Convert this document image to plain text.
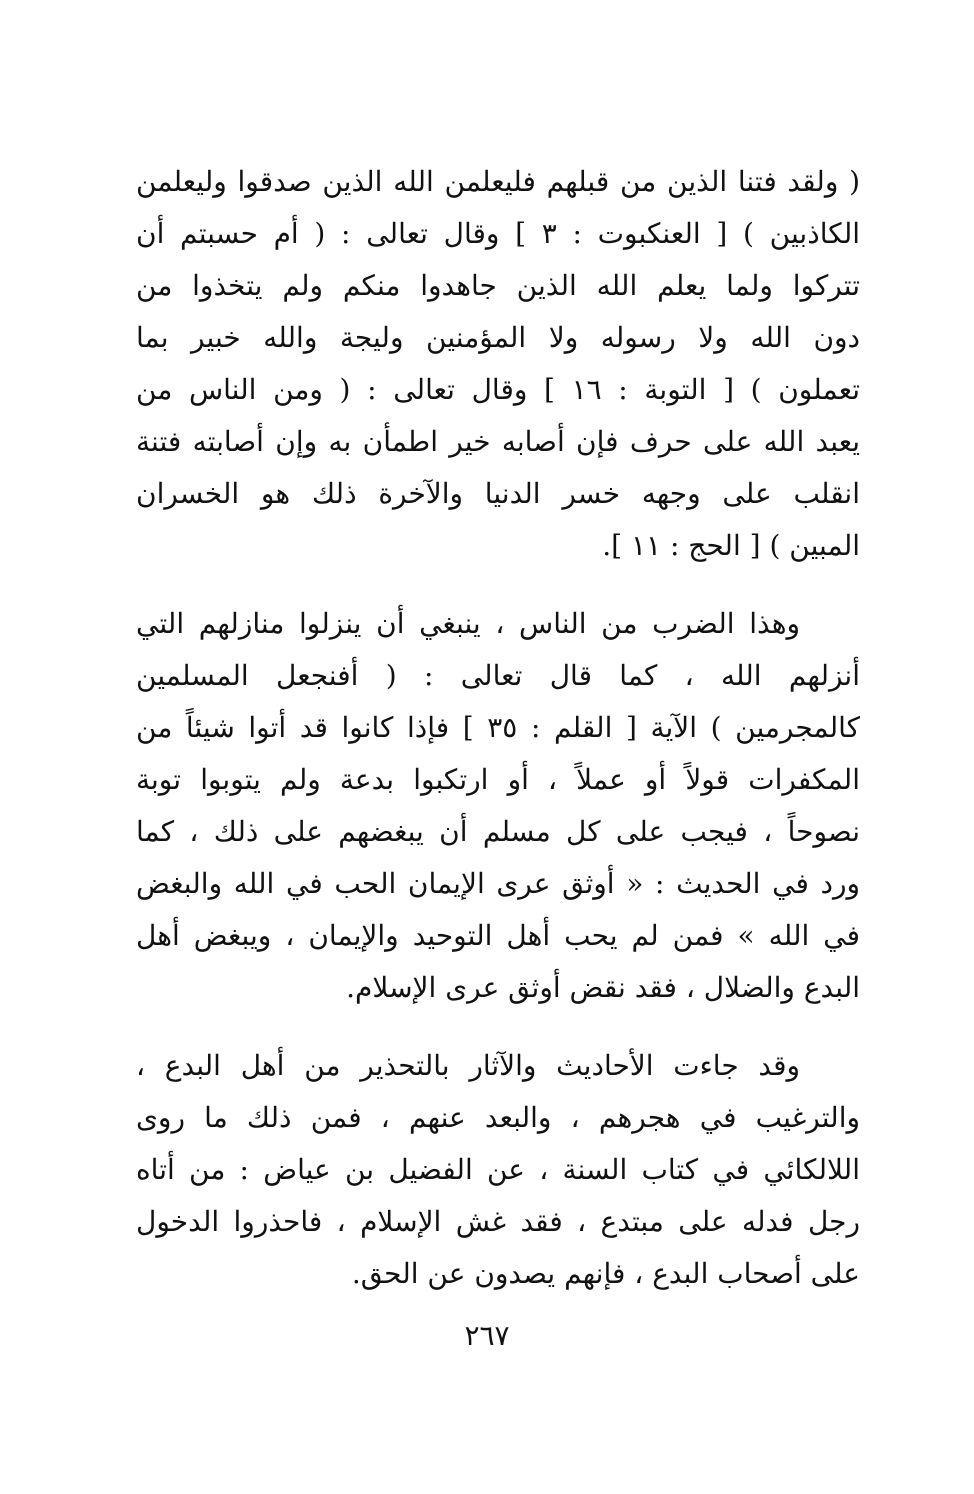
( ولقد فتنا الذين من قبلهم فليعلمن الله الذين صدقوا وليعلمن
الكاذبين ) [ العنكبوت : ٣ ] وقال تعالى : ( أم حسبتم أن
تتركوا ولما يعلم الله الذين جاهدوا منكم ولم يتخذوا من
دون الله ولا رسوله ولا المؤمنين وليجة والله خبير بما
تعملون ) [ التوبة : ١٦ ] وقال تعالى : ( ومن الناس من
يعبد الله على حرف فإن أصابه خير اطمأن به وإن أصابته فتنة
انقلب على وجهه خسر الدنيا والآخرة ذلك هو الخسران
المبين ) [ الحج : ١١ ].
وهذا الضرب من الناس ، ينبغي أن ينزلوا منازلهم التي
أنزلهم الله ، كما قال تعالى : ( أفنجعل المسلمين
كالمجرمين ) الآية [ القلم : ٣٥ ] فإذا كانوا قد أتوا شيئاً من
المكفرات قولاً أو عملاً ، أو ارتكبوا بدعة ولم يتوبوا توبة
نصوحاً ، فيجب على كل مسلم أن يبغضهم على ذلك ، كما
ورد في الحديث : « أوثق عرى الإيمان الحب في الله والبغض
في الله » فمن لم يحب أهل التوحيد والإيمان ، ويبغض أهل
البدع والضلال ، فقد نقض أوثق عرى الإسلام.
وقد جاءت الأحاديث والآثار بالتحذير من أهل البدع ،
والترغيب في هجرهم ، والبعد عنهم ، فمن ذلك ما روى
اللالكائي في كتاب السنة ، عن الفضيل بن عياض : من أتاه
رجل فدله على مبتدع ، فقد غش الإسلام ، فاحذروا الدخول
على أصحاب البدع ، فإنهم يصدون عن الحق.
٢٦٧
